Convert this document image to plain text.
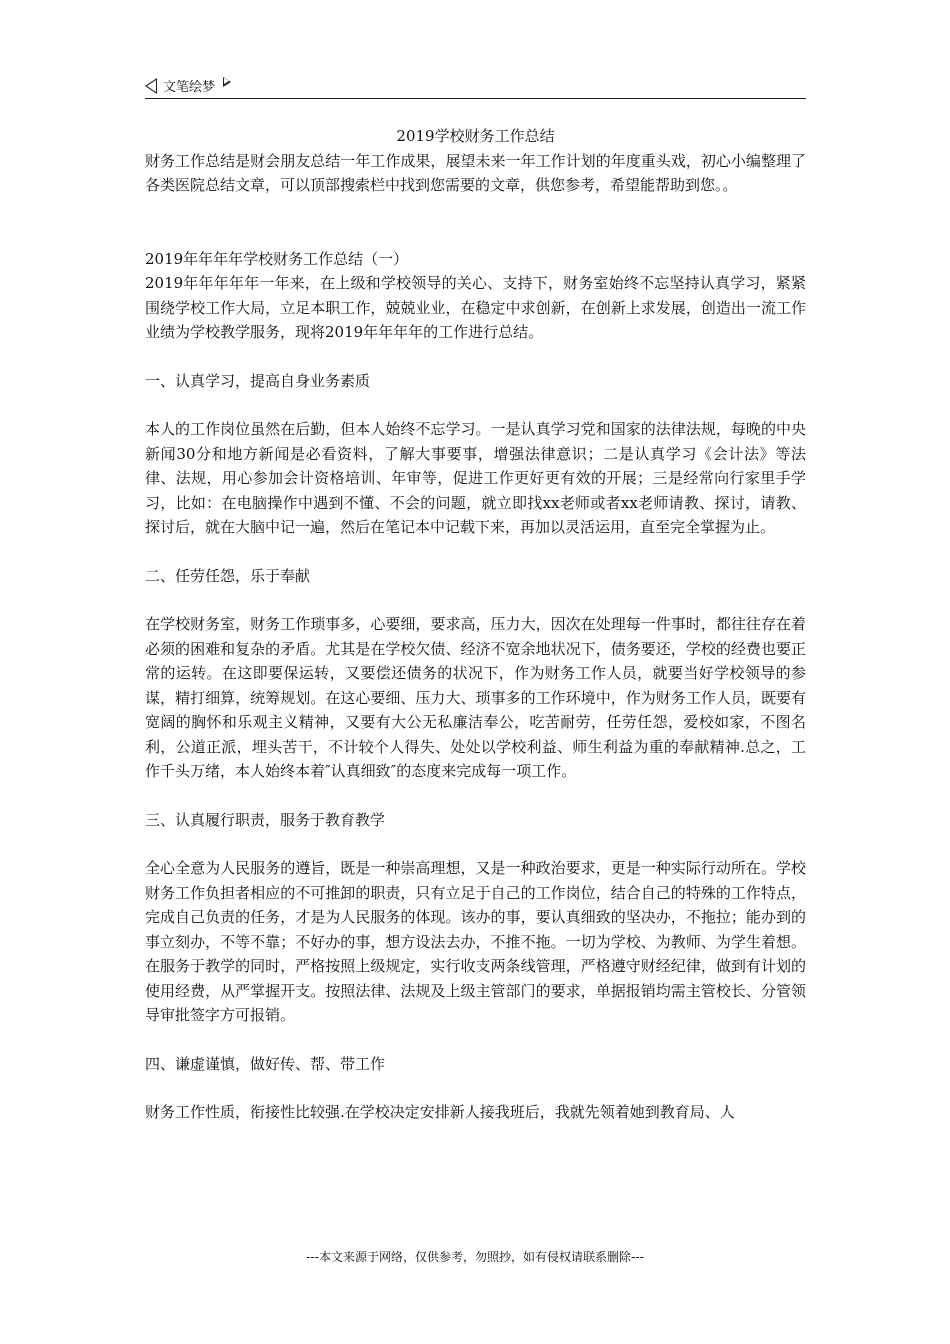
文笔绘梦

2019学校财务工作总结

财务工作总结是财会朋友总结一年工作成果，展望未来一年工作计划的年度重头戏，初心小编整理了各类医院总结文章，可以顶部搜索栏中找到您需要的文章，供您参考，希望能帮助到您。。

2019年年年年学校财务工作总结（一）

2019年年年年年一年来，在上级和学校领导的关心、支持下，财务室始终不忘坚持认真学习，紧紧围绕学校工作大局，立足本职工作，兢兢业业，在稳定中求创新，在创新上求发展，创造出一流工作业绩为学校教学服务，现将2019年年年年的工作进行总结。

一、认真学习，提高自身业务素质

本人的工作岗位虽然在后勤，但本人始终不忘学习。一是认真学习党和国家的法律法规，每晚的中央新闻30分和地方新闻是必看资料，了解大事要事，增强法律意识；二是认真学习《会计法》等法律、法规，用心参加会计资格培训、年审等，促进工作更好更有效的开展；三是经常向行家里手学习，比如：在电脑操作中遇到不懂、不会的问题，就立即找xx老师或者xx老师请教、探讨，请教、探讨后，就在大脑中记一遍，然后在笔记本中记载下来，再加以灵活运用，直至完全掌握为止。

二、任劳任怨，乐于奉献

在学校财务室，财务工作琐事多，心要细，要求高，压力大，因次在处理每一件事时，都往往存在着必须的困难和复杂的矛盾。尤其是在学校欠债、经济不宽余地状况下，债务要还，学校的经费也要正常的运转。在这即要保运转，又要偿还债务的状况下，作为财务工作人员，就要当好学校领导的参谋，精打细算，统筹规划。在这心要细、压力大、琐事多的工作环境中，作为财务工作人员，既要有宽阔的胸怀和乐观主义精神，又要有大公无私廉洁奉公，吃苦耐劳，任劳任怨，爱校如家，不图名利，公道正派，埋头苦干，不计较个人得失、处处以学校利益、师生利益为重的奉献精神.总之，工作千头万绪，本人始终本着″认真细致″的态度来完成每一项工作。

三、认真履行职责，服务于教育教学

全心全意为人民服务的遵旨，既是一种崇高理想，又是一种政治要求，更是一种实际行动所在。学校财务工作负担者相应的不可推卸的职责，只有立足于自己的工作岗位，结合自己的特殊的工作特点，完成自己负责的任务，才是为人民服务的体现。该办的事，要认真细致的坚决办，不拖拉；能办到的事立刻办，不等不靠；不好办的事，想方设法去办，不推不拖。一切为学校、为教师、为学生着想。在服务于教学的同时，严格按照上级规定，实行收支两条线管理，严格遵守财经纪律，做到有计划的使用经费，从严掌握开支。按照法律、法规及上级主管部门的要求，单据报销均需主管校长、分管领导审批签字方可报销。

四、谦虚谨慎，做好传、帮、带工作

财务工作性质，衔接性比较强.在学校决定安排新人接我班后，我就先领着她到教育局、人

---本文来源于网络，仅供参考，勿照抄，如有侵权请联系删除---
